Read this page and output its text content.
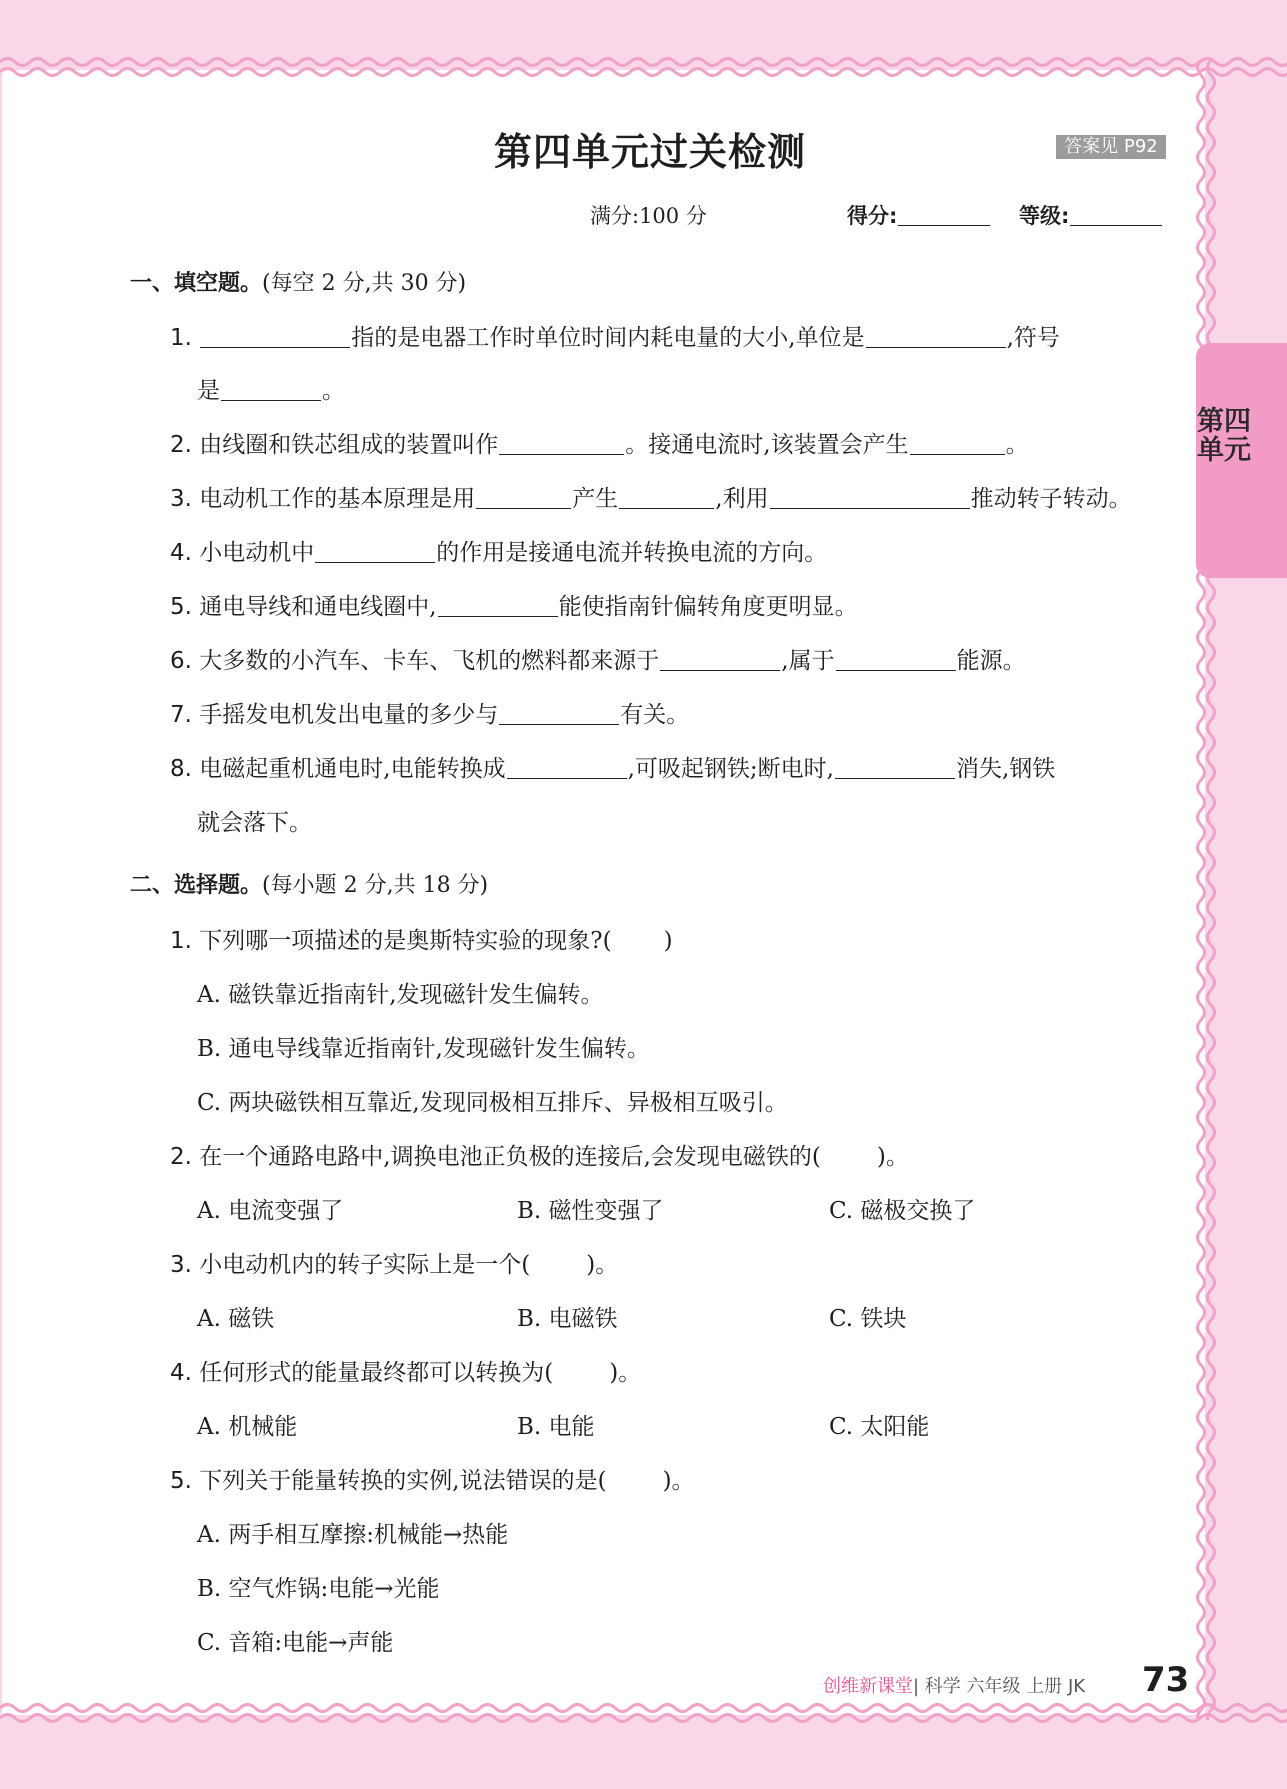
第四单元
第四单元过关检测	答案见 P92
满分:100 分	得分:	等级:
一、填空题。(每空 2 分,共 30 分)
1.	指的是电器工作时单位时间内耗电量的大小,单位是	,符号
是	。
2. 由线圈和铁芯组成的装置叫作	。接通电流时,该装置会产生	。
3. 电动机工作的基本原理是用	产生	,利用	推动转子转动。
4. 小电动机中	的作用是接通电流并转换电流的方向。
5. 通电导线和通电线圈中,	能使指南针偏转角度更明显。
6. 大多数的小汽车、卡车、飞机的燃料都来源于	,属于	能源。
7. 手摇发电机发出电量的多少与	有关。
8. 电磁起重机通电时,电能转换成	,可吸起钢铁;断电时,	消失,钢铁
就会落下。
二、选择题。(每小题 2 分,共 18 分)
1. 下列哪一项描述的是奥斯特实验的现象?( )
A. 磁铁靠近指南针,发现磁针发生偏转。
B. 通电导线靠近指南针,发现磁针发生偏转。
C. 两块磁铁相互靠近,发现同极相互排斥、异极相互吸引。
2. 在一个通路电路中,调换电池正负极的连接后,会发现电磁铁的( )。
A. 电流变强了	B. 磁性变强了	C. 磁极交换了
3. 小电动机内的转子实际上是一个( )。
A. 磁铁	B. 电磁铁	C. 铁块
4. 任何形式的能量最终都可以转换为( )。
A. 机械能	B. 电能	C. 太阳能
5. 下列关于能量转换的实例,说法错误的是( )。
A. 两手相互摩擦:机械能→热能
B. 空气炸锅:电能→光能
C. 音箱:电能→声能
创维新课堂| 科学 六年级 上册 JK 73
